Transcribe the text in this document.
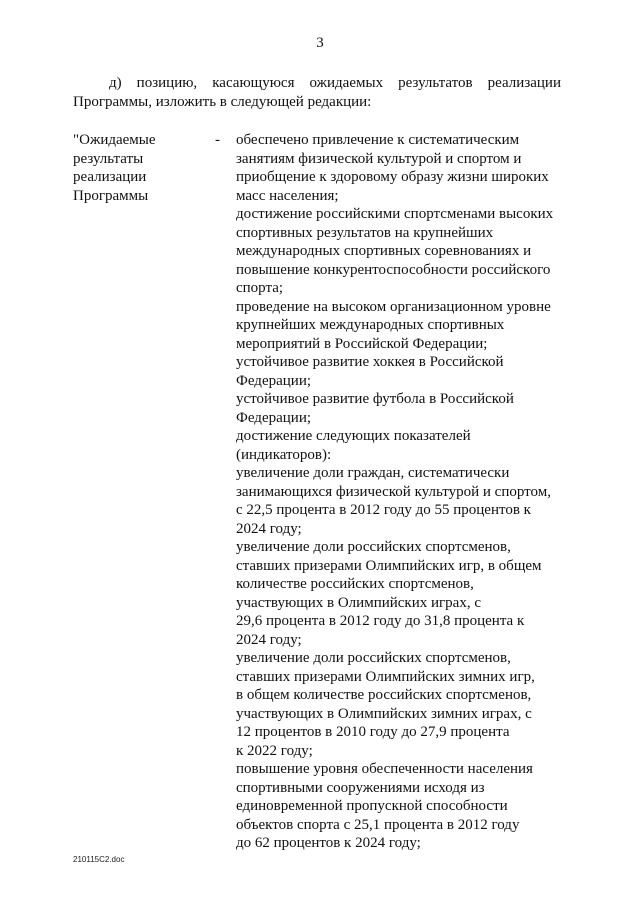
3
д) позицию, касающуюся ожидаемых результатов реализации
Программы, изложить в следующей редакции:
"Ожидаемые
результаты
реализации
Программы
- обеспечено привлечение к систематическим
занятиям физической культурой и спортом и
приобщение к здоровому образу жизни широких
масс населения;
достижение российскими спортсменами высоких
спортивных результатов на крупнейших
международных спортивных соревнованиях и
повышение конкурентоспособности российского
спорта;
проведение на высоком организационном уровне
крупнейших международных спортивных
мероприятий в Российской Федерации;
устойчивое развитие хоккея в Российской
Федерации;
устойчивое развитие футбола в Российской
Федерации;
достижение следующих показателей
(индикаторов):
увеличение доли граждан, систематически
занимающихся физической культурой и спортом,
с 22,5 процента в 2012 году до 55 процентов к
2024 году;
увеличение доли российских спортсменов,
ставших призерами Олимпийских игр, в общем
количестве российских спортсменов,
участвующих в Олимпийских играх, с
29,6 процента в 2012 году до 31,8 процента к
2024 году;
увеличение доли российских спортсменов,
ставших призерами Олимпийских зимних игр,
в общем количестве российских спортсменов,
участвующих в Олимпийских зимних играх, с
12 процентов в 2010 году до 27,9 процента
к 2022 году;
повышение уровня обеспеченности населения
спортивными сооружениями исходя из
единовременной пропускной способности
объектов спорта с 25,1 процента в 2012 году
до 62 процентов к 2024 году;
210115C2.doc
